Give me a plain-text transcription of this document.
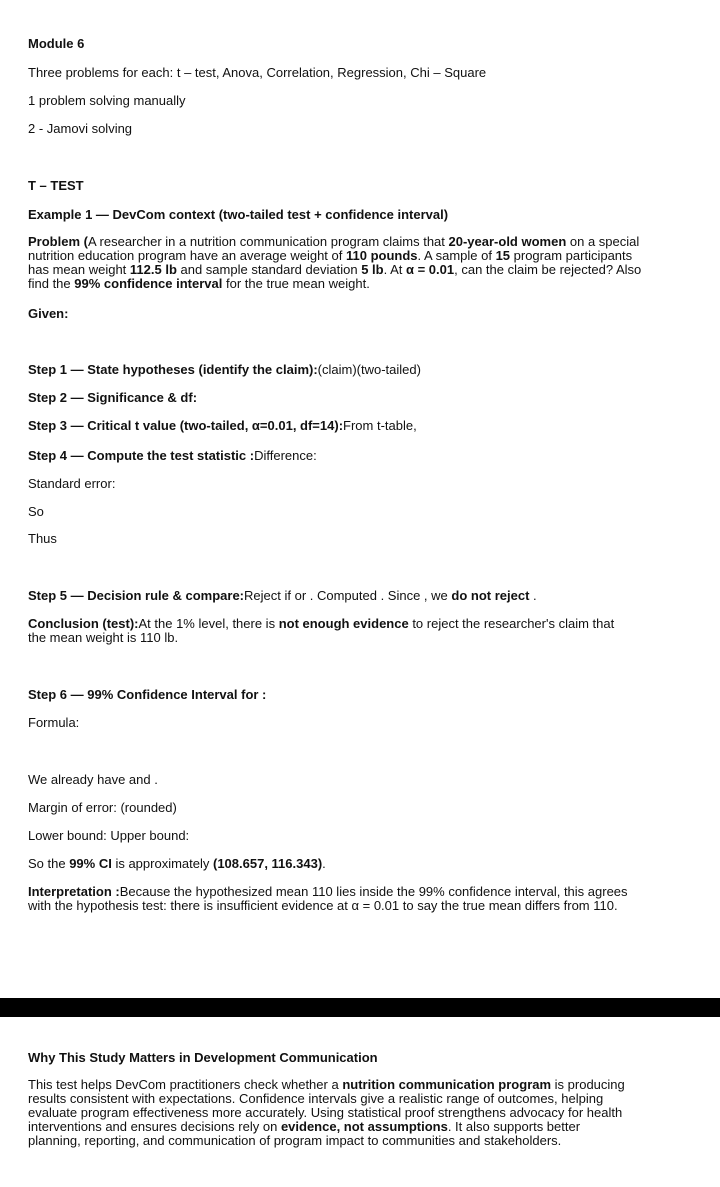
Module 6

Three problems for each: t – test, Anova, Correlation, Regression, Chi – Square

1 problem solving manually

2 - Jamovi solving

T – TEST

Example 1 — DevCom context (two-tailed test + confidence interval)

Problem (A researcher in a nutrition communication program claims that 20-year-old women on a special nutrition education program have an average weight of 110 pounds. A sample of 15 program participants has mean weight 112.5 lb and sample standard deviation 5 lb. At α = 0.01, can the claim be rejected? Also find the 99% confidence interval for the true mean weight.

Given:

Step 1 — State hypotheses (identify the claim):(claim)(two-tailed)

Step 2 — Significance & df:

Step 3 — Critical t value (two-tailed, α=0.01, df=14):From t-table,

Step 4 — Compute the test statistic :Difference:

Standard error:

So

Thus

Step 5 — Decision rule & compare:Reject if or . Computed . Since , we do not reject .

Conclusion (test):At the 1% level, there is not enough evidence to reject the researcher's claim that the mean weight is 110 lb.

Step 6 — 99% Confidence Interval for :

Formula:

We already have and .

Margin of error: (rounded)

Lower bound: Upper bound:

So the 99% CI is approximately (108.657, 116.343).

Interpretation :Because the hypothesized mean 110 lies inside the 99% confidence interval, this agrees with the hypothesis test: there is insufficient evidence at α = 0.01 to say the true mean differs from 110.

Why This Study Matters in Development Communication

This test helps DevCom practitioners check whether a nutrition communication program is producing results consistent with expectations. Confidence intervals give a realistic range of outcomes, helping evaluate program effectiveness more accurately. Using statistical proof strengthens advocacy for health interventions and ensures decisions rely on evidence, not assumptions. It also supports better planning, reporting, and communication of program impact to communities and stakeholders.
